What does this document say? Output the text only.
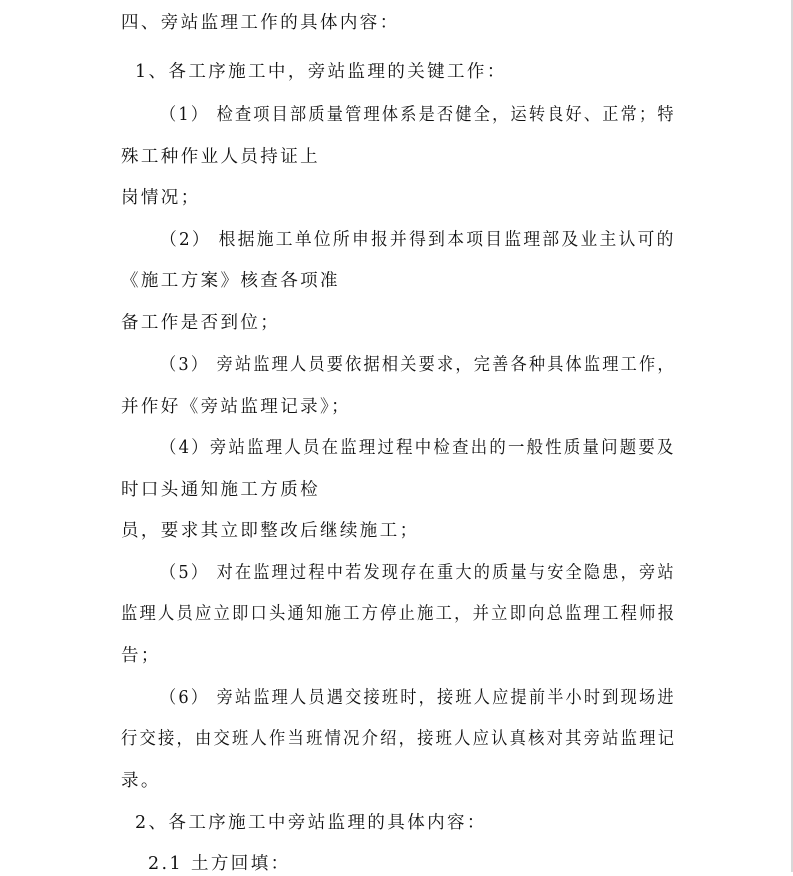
四、旁站监理工作的具体内容：
1、各工序施工中，旁站监理的关键工作：
（1） 检查项目部质量管理体系是否健全，运转良好、正常；特
殊工种作业人员持证上
岗情况；
（2） 根据施工单位所申报并得到本项目监理部及业主认可的
《施工方案》核查各项准
备工作是否到位；
（3） 旁站监理人员要依据相关要求，完善各种具体监理工作，
并作好《旁站监理记录》；
（4）旁站监理人员在监理过程中检查出的一般性质量问题要及
时口头通知施工方质检
员，要求其立即整改后继续施工；
（5） 对在监理过程中若发现存在重大的质量与安全隐患，旁站
监理人员应立即口头通知施工方停止施工，并立即向总监理工程师报
告；
（6） 旁站监理人员遇交接班时，接班人应提前半小时到现场进
行交接，由交班人作当班情况介绍，接班人应认真核对其旁站监理记
录。
2、各工序施工中旁站监理的具体内容：
2.1 土方回填：
